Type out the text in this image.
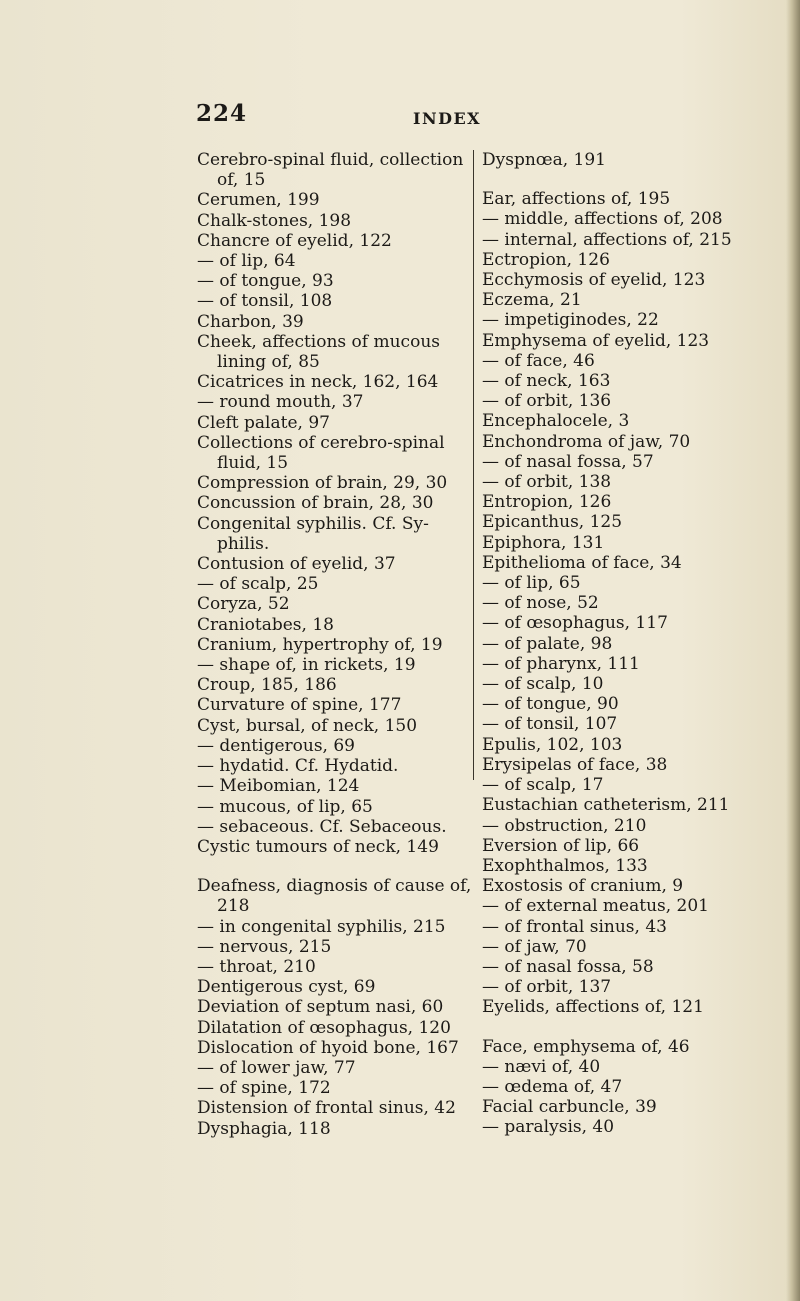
224	INDEX
Cerebro-spinal fluid, collection
of, 15
Cerumen, 199
Chalk-stones, 198
Chancre of eyelid, 122
— of lip, 64
— of tongue, 93
— of tonsil, 108
Charbon, 39
Cheek, affections of mucous
lining of, 85
Cicatrices in neck, 162, 164
— round mouth, 37
Cleft palate, 97
Collections of cerebro-spinal
fluid, 15
Compression of brain, 29, 30
Concussion of brain, 28, 30
Congenital syphilis. Cf. Sy-
philis.
Contusion of eyelid, 37
— of scalp, 25
Coryza, 52
Craniotabes, 18
Cranium, hypertrophy of, 19
— shape of, in rickets, 19
Croup, 185, 186
Curvature of spine, 177
Cyst, bursal, of neck, 150
— dentigerous, 69
— hydatid. Cf. Hydatid.
— Meibomian, 124
— mucous, of lip, 65
— sebaceous. Cf. Sebaceous.
Cystic tumours of neck, 149
Deafness, diagnosis of cause of,
218
— in congenital syphilis, 215
— nervous, 215
— throat, 210
Dentigerous cyst, 69
Deviation of septum nasi, 60
Dilatation of œsophagus, 120
Dislocation of hyoid bone, 167
— of lower jaw, 77
— of spine, 172
Distension of frontal sinus, 42
Dysphagia, 118
Dyspnœa, 191
Ear, affections of, 195
— middle, affections of, 208
— internal, affections of, 215
Ectropion, 126
Ecchymosis of eyelid, 123
Eczema, 21
— impetiginodes, 22
Emphysema of eyelid, 123
— of face, 46
— of neck, 163
— of orbit, 136
Encephalocele, 3
Enchondroma of jaw, 70
— of nasal fossa, 57
— of orbit, 138
Entropion, 126
Epicanthus, 125
Epiphora, 131
Epithelioma of face, 34
— of lip, 65
— of nose, 52
— of œsophagus, 117
— of palate, 98
— of pharynx, 111
— of scalp, 10
— of tongue, 90
— of tonsil, 107
Epulis, 102, 103
Erysipelas of face, 38
— of scalp, 17
Eustachian catheterism, 211
— obstruction, 210
Eversion of lip, 66
Exophthalmos, 133
Exostosis of cranium, 9
— of external meatus, 201
— of frontal sinus, 43
— of jaw, 70
— of nasal fossa, 58
— of orbit, 137
Eyelids, affections of, 121
Face, emphysema of, 46
— nævi of, 40
— œdema of, 47
Facial carbuncle, 39
— paralysis, 40
